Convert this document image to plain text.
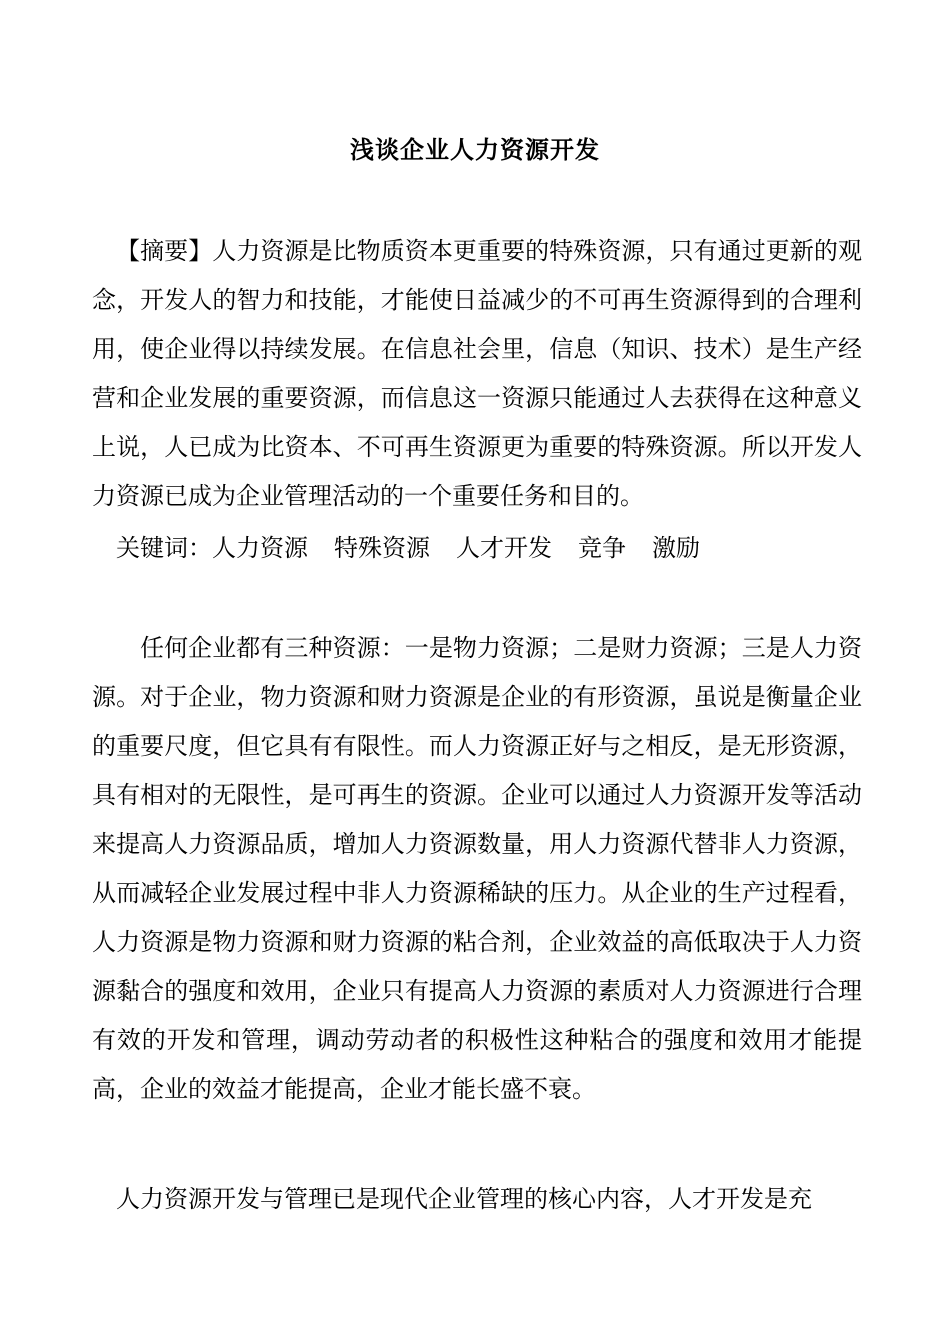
浅谈企业人力资源开发

【摘要】人力资源是比物质资本更重要的特殊资源，只有通过更新的观念，开发人的智力和技能，才能使日益减少的不可再生资源得到的合理利用，使企业得以持续发展。在信息社会里，信息（知识、技术）是生产经营和企业发展的重要资源，而信息这一资源只能通过人去获得在这种意义上说，人已成为比资本、不可再生资源更为重要的特殊资源。所以开发人力资源已成为企业管理活动的一个重要任务和目的。

关键词：人力资源 特殊资源 人才开发 竞争 激励

任何企业都有三种资源：一是物力资源；二是财力资源；三是人力资源。对于企业，物力资源和财力资源是企业的有形资源，虽说是衡量企业的重要尺度，但它具有有限性。而人力资源正好与之相反，是无形资源，具有相对的无限性，是可再生的资源。企业可以通过人力资源开发等活动来提高人力资源品质，增加人力资源数量，用人力资源代替非人力资源，从而减轻企业发展过程中非人力资源稀缺的压力。从企业的生产过程看，人力资源是物力资源和财力资源的粘合剂，企业效益的高低取决于人力资源黏合的强度和效用，企业只有提高人力资源的素质对人力资源进行合理有效的开发和管理，调动劳动者的积极性这种粘合的强度和效用才能提高，企业的效益才能提高，企业才能长盛不衰。

人力资源开发与管理已是现代企业管理的核心内容，人才开发是充
